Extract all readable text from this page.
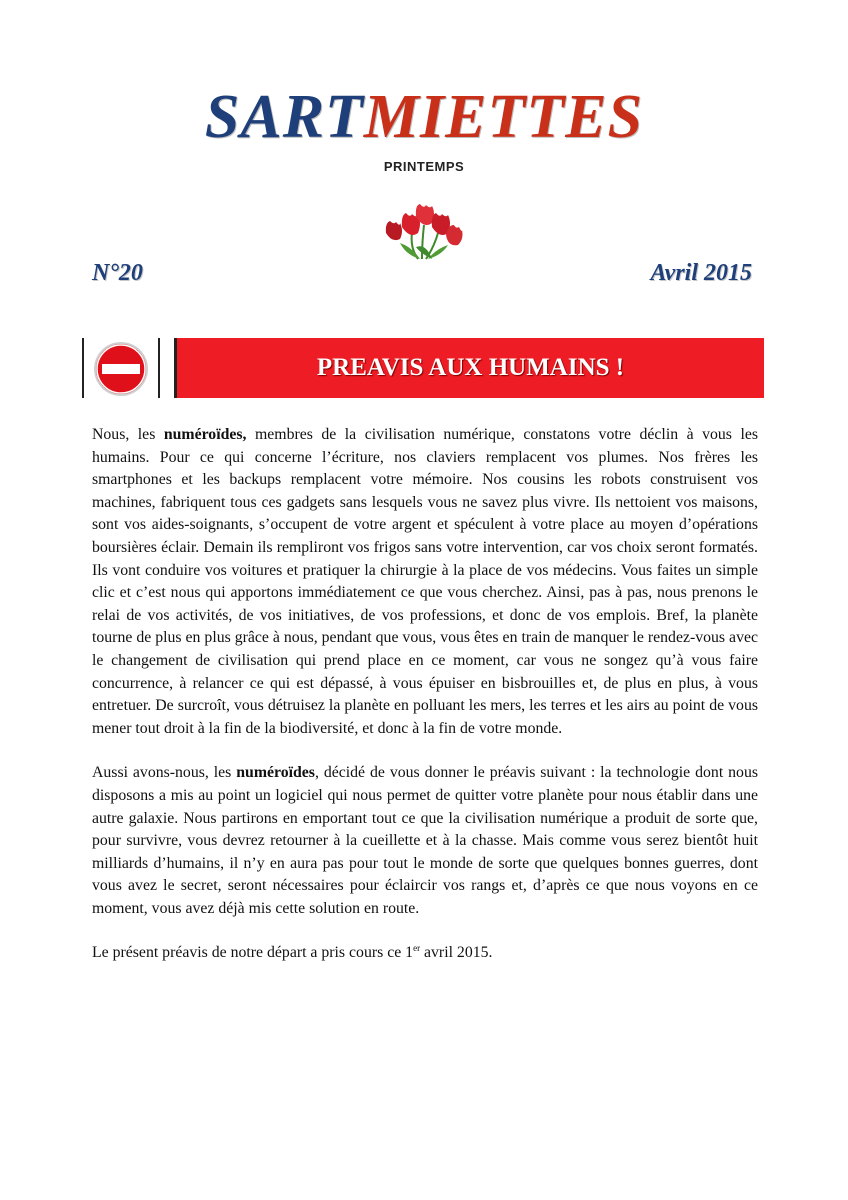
SARTMIETTES
PRINTEMPS
N°20	Avril 2015
PREAVIS AUX HUMAINS !

Nous, les numéroïdes, membres de la civilisation numérique, constatons votre déclin à vous les humains. Pour ce qui concerne l’écriture, nos claviers remplacent vos plumes. Nos frères les smartphones et les backups remplacent votre mémoire. Nos cousins les robots construisent vos machines, fabriquent tous ces gadgets sans lesquels vous ne savez plus vivre. Ils nettoient vos maisons, sont vos aides-soignants, s’occupent de votre argent et spéculent à votre place au moyen d’opérations boursières éclair. Demain ils rempliront vos frigos sans votre intervention, car vos choix seront formatés. Ils vont conduire vos voitures et pratiquer la chirurgie à la place de vos médecins. Vous faites un simple clic et c’est nous qui apportons immédiatement ce que vous cherchez. Ainsi, pas à pas, nous prenons le relai de vos activités, de vos initiatives, de vos professions, et donc de vos emplois. Bref, la planète tourne de plus en plus grâce à nous, pendant que vous, vous êtes en train de manquer le rendez-vous avec le changement de civilisation qui prend place en ce moment, car vous ne songez qu’à vous faire concurrence, à relancer ce qui est dépassé, à vous épuiser en bisbrouilles et, de plus en plus, à vous entretuer. De surcroît, vous détruisez la planète en polluant les mers, les terres et les airs au point de vous mener tout droit à la fin de la biodiversité, et donc à la fin de votre monde.

Aussi avons-nous, les numéroïdes, décidé de vous donner le préavis suivant : la technologie dont nous disposons a mis au point un logiciel qui nous permet de quitter votre planète pour nous établir dans une autre galaxie. Nous partirons en emportant tout ce que la civilisation numérique a produit de sorte que, pour survivre, vous devrez retourner à la cueillette et à la chasse. Mais comme vous serez bientôt huit milliards d’humains, il n’y en aura pas pour tout le monde de sorte que quelques bonnes guerres, dont vous avez le secret, seront nécessaires pour éclaircir vos rangs et, d’après ce que nous voyons en ce moment, vous avez déjà mis cette solution en route.

Le présent préavis de notre départ a pris cours ce 1er avril 2015.
